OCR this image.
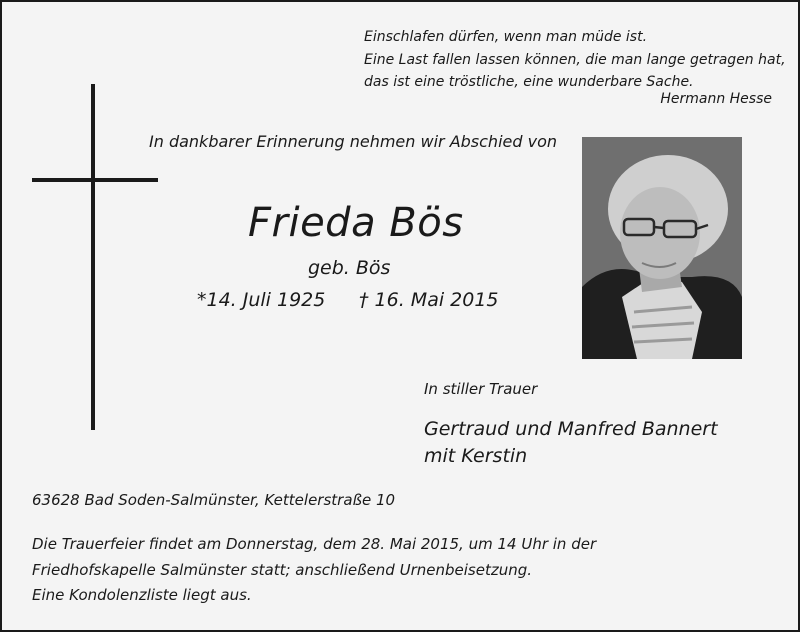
Einschlafen dürfen, wenn man müde ist.
Eine Last fallen lassen können, die man lange getragen hat,
das ist eine tröstliche, eine wunderbare Sache.
Hermann Hesse
In dankbarer Erinnerung nehmen wir Abschied von
Frieda Bös
geb. Bös
*14. Juli 1925 † 16. Mai 2015
In stiller Trauer
Gertraud und Manfred Bannert
mit Kerstin
63628 Bad Soden-Salmünster, Kettelerstraße 10
Die Trauerfeier findet am Donnerstag, dem 28. Mai 2015, um 14 Uhr in der
Friedhofskapelle Salmünster statt; anschließend Urnenbeisetzung.
Eine Kondolenzliste liegt aus.
